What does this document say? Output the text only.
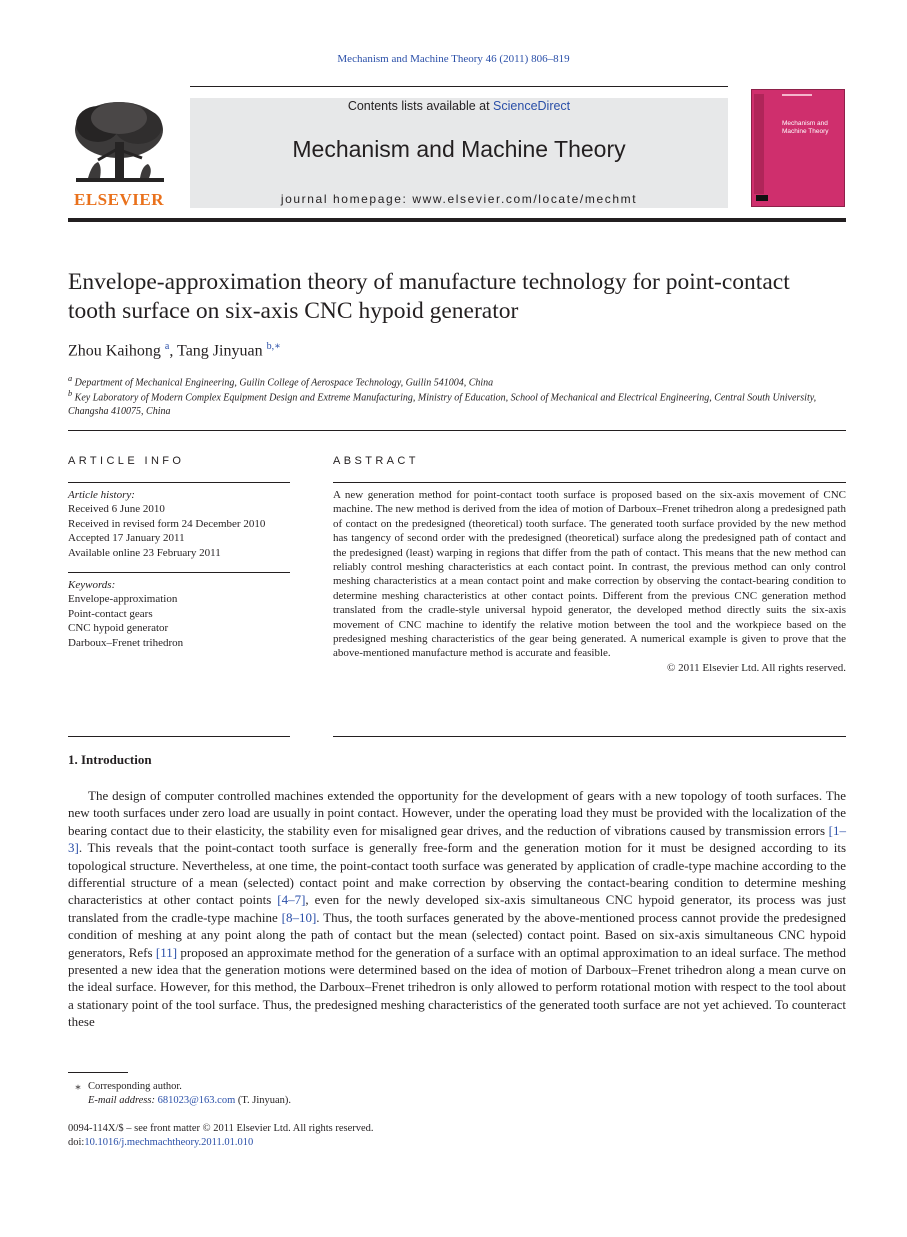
Mechanism and Machine Theory 46 (2011) 806–819
ELSEVIER
Contents lists available at ScienceDirect
Mechanism and Machine Theory
journal homepage: www.elsevier.com/locate/mechmt
Mechanism and Machine Theory
Envelope-approximation theory of manufacture technology for point-contact tooth surface on six-axis CNC hypoid generator
Zhou Kaihong $^a$, Tang Jinyuan $^{b,∗}$
$^a$ Department of Mechanical Engineering, Guilin College of Aerospace Technology, Guilin 541004, China
$^b$ Key Laboratory of Modern Complex Equipment Design and Extreme Manufacturing, Ministry of Education, School of Mechanical and Electrical Engineering, Central South University, Changsha 410075, China
ARTICLE INFO
Article history:
Received 6 June 2010
Received in revised form 24 December 2010
Accepted 17 January 2011
Available online 23 February 2011
Keywords:
Envelope-approximation
Point-contact gears
CNC hypoid generator
Darboux–Frenet trihedron
ABSTRACT
A new generation method for point-contact tooth surface is proposed based on the six-axis movement of CNC machine. The new method is derived from the idea of motion of Darboux–Frenet trihedron along a predesigned path of contact on the predesigned (theoretical) tooth surface. The generated tooth surface provided by the new method has tangency of second order with the predesigned (theoretical) surface along the predesigned path of contact and the predesigned (least) warping in regions that differ from the path of contact. This means that the new method can reliably control meshing characteristics at each contact point. In contrast, the previous method can only control meshing characteristics at a mean contact point and make correction by observing the contact-bearing condition to determine meshing characteristics at other contact points. Different from the previous CNC generation method translated from the cradle-style universal hypoid generator, the developed method directly suits the six-axis movement of CNC machine to identify the relative motion between the tool and the workpiece based on the predesigned meshing characteristics of the gear being generated. A numerical example is given to prove that the above-mentioned manufacture method is accurate and feasible.
© 2011 Elsevier Ltd. All rights reserved.
1. Introduction
The design of computer controlled machines extended the opportunity for the development of gears with a new topology of tooth surfaces. The new tooth surfaces under zero load are usually in point contact. However, under the operating load they must be provided with the localization of the bearing contact due to their elasticity, the stability even for misaligned gear drives, and the reduction of vibrations caused by transmission errors [1–3]. This reveals that the point-contact tooth surface is generally free-form and the generation motion for it must be designed according to its topological structure. Nevertheless, at one time, the point-contact tooth surface was generated by application of cradle-type machine according to the differential structure of a mean (selected) contact point and make correction by observing the contact-bearing condition to determine meshing characteristics at other contact points [4–7], even for the newly developed six-axis simultaneous CNC hypoid generator, its process was just translated from the cradle-type machine [8–10]. Thus, the tooth surfaces generated by the above-mentioned process cannot provide the predesigned condition of meshing at any point along the path of contact but the mean (selected) contact point. Based on six-axis simultaneous CNC hypoid generators, Refs [11] proposed an approximate method for the generation of a surface with an optimal approximation to an ideal surface. The method presented a new idea that the generation motions were determined based on the idea of motion of Darboux–Frenet trihedron along a mean curve on the ideal surface. However, for this method, the Darboux–Frenet trihedron is only allowed to perform rotational motion with respect to the tool about a stationary point of the tool surface. Thus, the predesigned meshing characteristics of the generated tooth surface are not yet achieved. To counteract these
⁎ Corresponding author.
E-mail address: 681023@163.com (T. Jinyuan).
0094-114X/$ – see front matter © 2011 Elsevier Ltd. All rights reserved.
doi:10.1016/j.mechmachtheory.2011.01.010
